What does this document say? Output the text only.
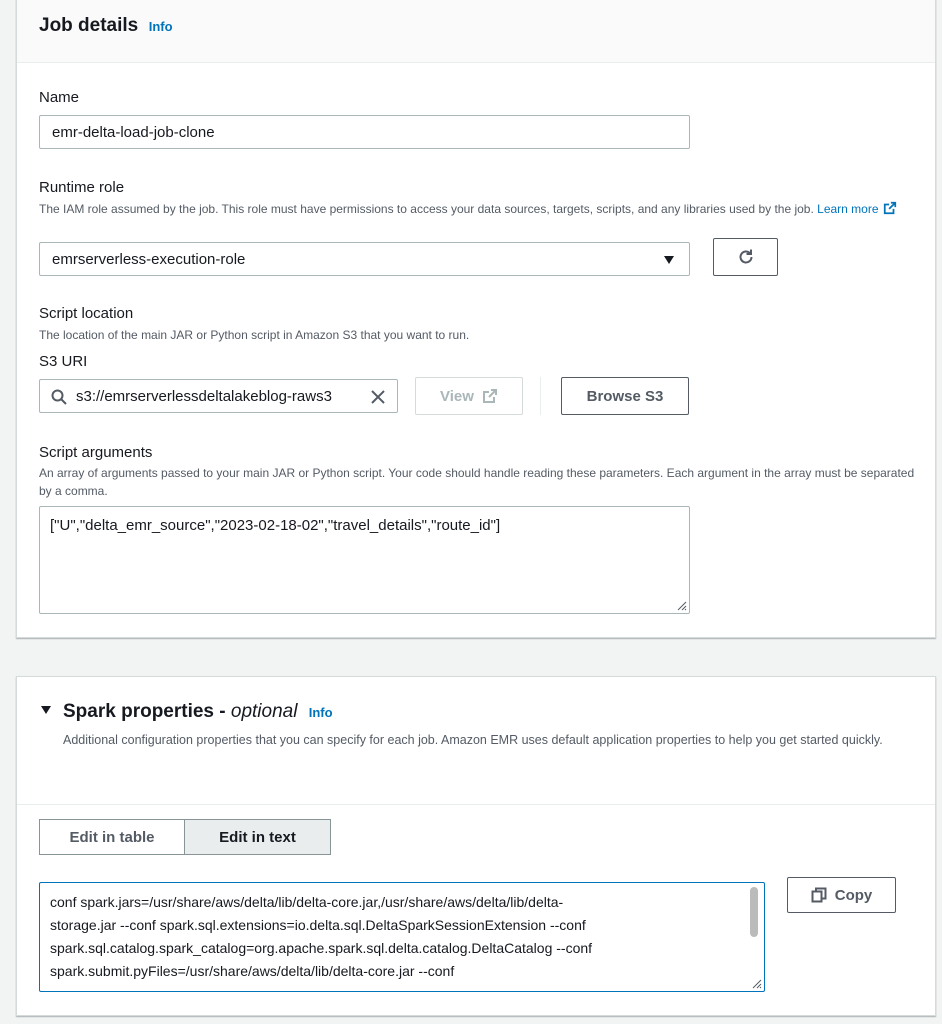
Job details Info
Name
emr-delta-load-job-clone
Runtime role
The IAM role assumed by the job. This role must have permissions to access your data sources, targets, scripts, and any libraries used by the job. Learn more
emrserverless-execution-role
Script location
The location of the main JAR or Python script in Amazon S3 that you want to run.
S3 URI
s3://emrserverlessdeltalakeblog-raws3	View	Browse S3
Script arguments
An array of arguments passed to your main JAR or Python script. Your code should handle reading these parameters. Each argument in the array must be separated by a comma.
["U","delta_emr_source","2023-02-18-02","travel_details","route_id"]
Spark properties - optional Info
Additional configuration properties that you can specify for each job. Amazon EMR uses default application properties to help you get started quickly.
Edit in table	Edit in text
conf spark.jars=/usr/share/aws/delta/lib/delta-core.jar,/usr/share/aws/delta/lib/delta-
storage.jar --conf spark.sql.extensions=io.delta.sql.DeltaSparkSessionExtension --conf
spark.sql.catalog.spark_catalog=org.apache.spark.sql.delta.catalog.DeltaCatalog --conf
spark.submit.pyFiles=/usr/share/aws/delta/lib/delta-core.jar --conf
Copy
